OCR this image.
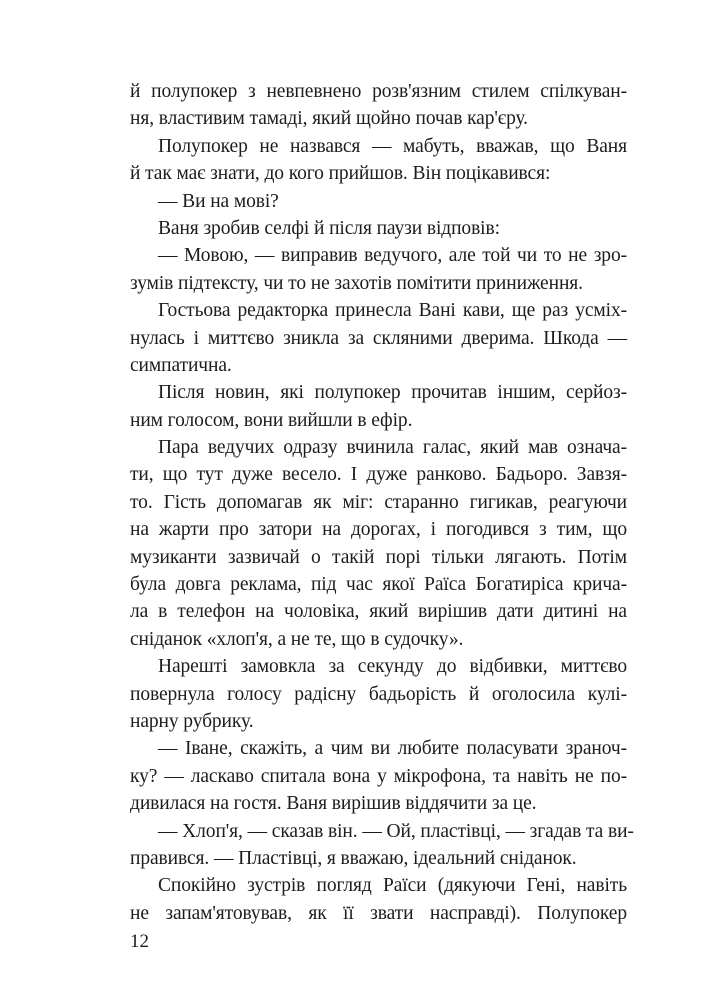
й полупокер з невпевнено розв'язним стилем спілкуван-
ня, властивим тамаді, який щойно почав кар'єру.
Полупокер не назвався — мабуть, вважав, що Ваня
й так має знати, до кого прийшов. Він поцікавився:
— Ви на мові?
Ваня зробив селфі й після паузи відповів:
— Мовою, — виправив ведучого, але той чи то не зро-
зумів підтексту, чи то не захотів помітити приниження.
Гостьова редакторка принесла Вані кави, ще раз усміх-
нулась і миттєво зникла за скляними дверима. Шкода —
симпатична.
Після новин, які полупокер прочитав іншим, серйоз-
ним голосом, вони вийшли в ефір.
Пара ведучих одразу вчинила галас, який мав означа-
ти, що тут дуже весело. І дуже ранково. Бадьоро. Завзя-
то. Гість допомагав як міг: старанно гигикав, реагуючи
на жарти про затори на дорогах, і погодився з тим, що
музиканти зазвичай о такій порі тільки лягають. Потім
була довга реклама, під час якої Раїса Богатиріса крича-
ла в телефон на чоловіка, який вирішив дати дитині на
сніданок «хлоп'я, а не те, що в судочку».
Нарешті замовкла за секунду до відбивки, миттєво
повернула голосу радісну бадьорість й оголосила кулі-
нарну рубрику.
— Іване, скажіть, а чим ви любите поласувати зраноч-
ку? — ласкаво спитала вона у мікрофона, та навіть не по-
дивилася на гостя. Ваня вирішив віддячити за це.
— Хлоп'я, — сказав він. — Ой, пластівці, — згадав та ви-
правився. — Пластівці, я вважаю, ідеальний сніданок.
Спокійно зустрів погляд Раїси (дякуючи Гені, навіть
не запам'ятовував, як її звати насправді). Полупокер
12
